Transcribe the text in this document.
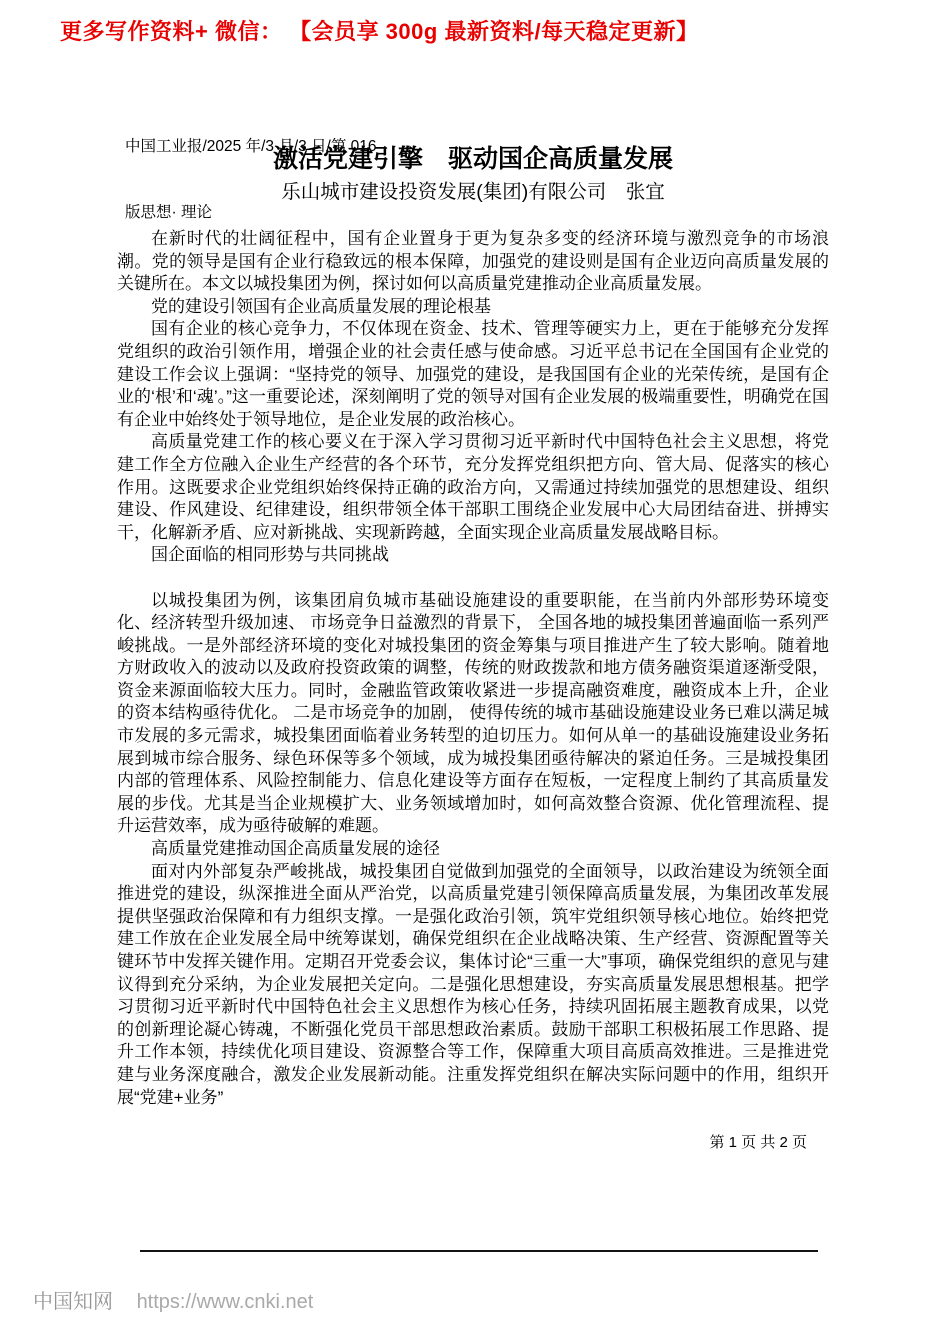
更多写作资料+ 微信： 【会员享 300g 最新资料/每天稳定更新】

中国工业报/2025 年/3 月/3 日/第 016

版思想· 理论

激活党建引擎　驱动国企高质量发展
乐山城市建设投资发展(集团)有限公司　张宜
在新时代的壮阔征程中，国有企业置身于更为复杂多变的经济环境与激烈竞争的市场浪潮。党的领导是国有企业行稳致远的根本保障，加强党的建设则是国有企业迈向高质量发展的关键所在。本文以城投集团为例，探讨如何以高质量党建推动企业高质量发展。
党的建设引领国有企业高质量发展的理论根基
国有企业的核心竞争力，不仅体现在资金、技术、管理等硬实力上，更在于能够充分发挥党组织的政治引领作用，增强企业的社会责任感与使命感。习近平总书记在全国国有企业党的建设工作会议上强调：“坚持党的领导、加强党的建设，是我国国有企业的光荣传统，是国有企业的‘根’和‘魂’。”这一重要论述，深刻阐明了党的领导对国有企业发展的极端重要性，明确党在国有企业中始终处于领导地位，是企业发展的政治核心。
高质量党建工作的核心要义在于深入学习贯彻习近平新时代中国特色社会主义思想，将党建工作全方位融入企业生产经营的各个环节，充分发挥党组织把方向、管大局、促落实的核心作用。这既要求企业党组织始终保持正确的政治方向，又需通过持续加强党的思想建设、组织建设、作风建设、纪律建设，组织带领全体干部职工围绕企业发展中心大局团结奋进、拼搏实干，化解新矛盾、应对新挑战、实现新跨越，全面实现企业高质量发展战略目标。
国企面临的相同形势与共同挑战
以城投集团为例，该集团肩负城市基础设施建设的重要职能，在当前内外部形势环境变化、经济转型升级加速、 市场竞争日益激烈的背景下， 全国各地的城投集团普遍面临一系列严峻挑战。一是外部经济环境的变化对城投集团的资金筹集与项目推进产生了较大影响。随着地方财政收入的波动以及政府投资政策的调整，传统的财政拨款和地方债务融资渠道逐渐受限，资金来源面临较大压力。同时，金融监管政策收紧进一步提高融资难度，融资成本上升，企业的资本结构亟待优化。 二是市场竞争的加剧， 使得传统的城市基础设施建设业务已难以满足城市发展的多元需求，城投集团面临着业务转型的迫切压力。如何从单一的基础设施建设业务拓展到城市综合服务、绿色环保等多个领域，成为城投集团亟待解决的紧迫任务。三是城投集团内部的管理体系、风险控制能力、信息化建设等方面存在短板，一定程度上制约了其高质量发展的步伐。尤其是当企业规模扩大、业务领域增加时，如何高效整合资源、优化管理流程、提升运营效率，成为亟待破解的难题。
高质量党建推动国企高质量发展的途径
面对内外部复杂严峻挑战，城投集团自觉做到加强党的全面领导，以政治建设为统领全面推进党的建设，纵深推进全面从严治党，以高质量党建引领保障高质量发展，为集团改革发展提供坚强政治保障和有力组织支撑。一是强化政治引领，筑牢党组织领导核心地位。始终把党建工作放在企业发展全局中统筹谋划，确保党组织在企业战略决策、生产经营、资源配置等关键环节中发挥关键作用。定期召开党委会议，集体讨论“三重一大”事项，确保党组织的意见与建议得到充分采纳，为企业发展把关定向。二是强化思想建设，夯实高质量发展思想根基。把学习贯彻习近平新时代中国特色社会主义思想作为核心任务，持续巩固拓展主题教育成果，以党的创新理论凝心铸魂，不断强化党员干部思想政治素质。鼓励干部职工积极拓展工作思路、提升工作本领，持续优化项目建设、资源整合等工作，保障重大项目高质高效推进。三是推进党建与业务深度融合，激发企业发展新动能。注重发挥党组织在解决实际问题中的作用，组织开展“党建+业务”
第 1 页 共 2 页
中国知网 https://www.cnki.net
